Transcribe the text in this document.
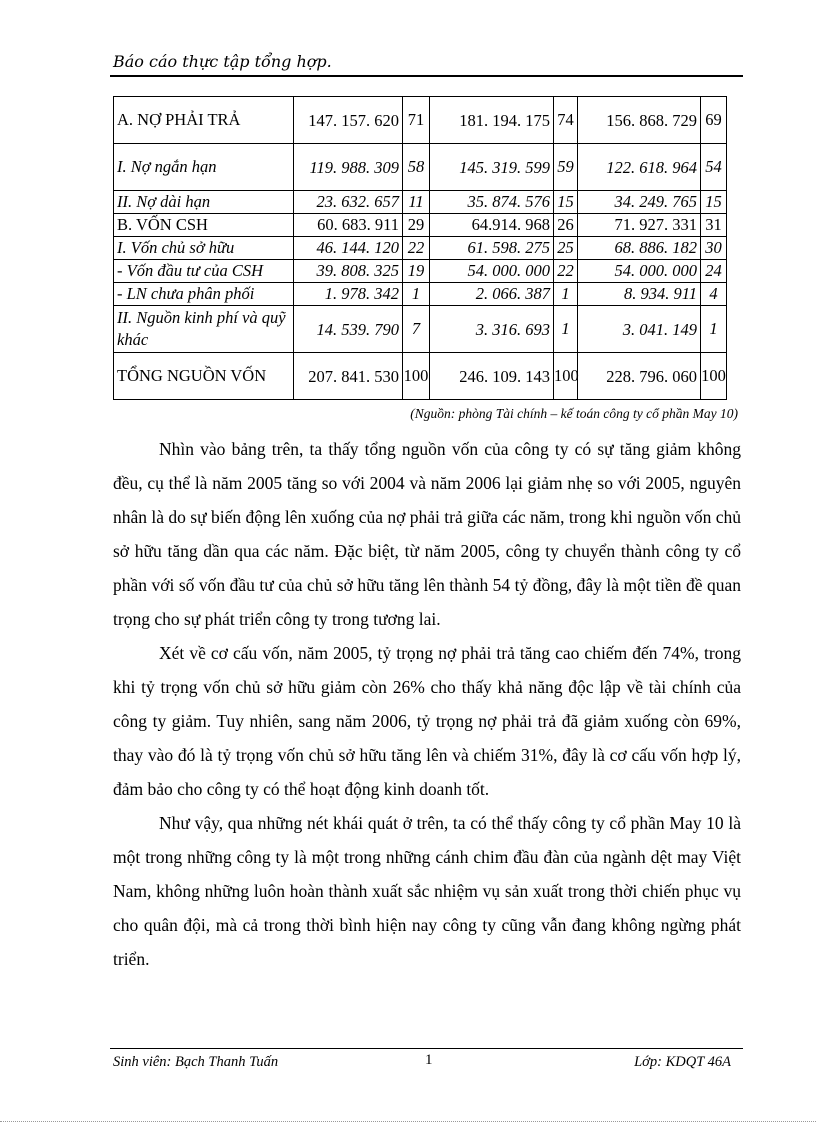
Báo cáo thực tập tổng hợp.
A. NỢ PHẢI TRẢ	147. 157. 620	71	181. 194. 175	74	156. 868. 729	69
I. Nợ ngắn hạn	119. 988. 309	58	145. 319. 599	59	122. 618. 964	54
II. Nợ dài hạn	23. 632. 657	11	35. 874. 576	15	34. 249. 765	15
B. VỐN CSH	60. 683. 911	29	64.914. 968	26	71. 927. 331	31
I. Vốn chủ sở hữu	46. 144. 120	22	61. 598. 275	25	68. 886. 182	30
- Vốn đầu tư của CSH	39. 808. 325	19	54. 000. 000	22	54. 000. 000	24
- LN chưa phân phối	1. 978. 342	1	2. 066. 387	1	8. 934. 911	4
II. Nguồn kinh phí và quỹ khác	14. 539. 790	7	3. 316. 693	1	3. 041. 149	1
TỔNG NGUỒN VỐN	207. 841. 530	100	246. 109. 143	100	228. 796. 060	100
(Nguồn: phòng Tài chính – kế toán công ty cổ phần May 10)

Nhìn vào bảng trên, ta thấy tổng nguồn vốn của công ty có sự tăng giảm không đều, cụ thể là năm 2005 tăng so với 2004 và năm 2006 lại giảm nhẹ so với 2005, nguyên nhân là do sự biến động lên xuống của nợ phải trả giữa các năm, trong khi nguồn vốn chủ sở hữu tăng dần qua các năm. Đặc biệt, từ năm 2005, công ty chuyển thành công ty cổ phần với số vốn đầu tư của chủ sở hữu tăng lên thành 54 tỷ đồng, đây là một tiền đề quan trọng cho sự phát triển công ty trong tương lai.

Xét về cơ cấu vốn, năm 2005, tỷ trọng nợ phải trả tăng cao chiếm đến 74%, trong khi tỷ trọng vốn chủ sở hữu giảm còn 26% cho thấy khả năng độc lập về tài chính của công ty giảm. Tuy nhiên, sang năm 2006, tỷ trọng nợ phải trả đã giảm xuống còn 69%, thay vào đó là tỷ trọng vốn chủ sở hữu tăng lên và chiếm 31%, đây là cơ cấu vốn hợp lý, đảm bảo cho công ty có thể hoạt động kinh doanh tốt.

Như vậy, qua những nét khái quát ở trên, ta có thể thấy công ty cổ phần May 10 là một trong những công ty là một trong những cánh chim đầu đàn của ngành dệt may Việt Nam, không những luôn hoàn thành xuất sắc nhiệm vụ sản xuất trong thời chiến phục vụ cho quân đội, mà cả trong thời bình hiện nay công ty cũng vẫn đang không ngừng phát triển.

Sinh viên: Bạch Thanh Tuấn	1	Lớp: KDQT 46A
